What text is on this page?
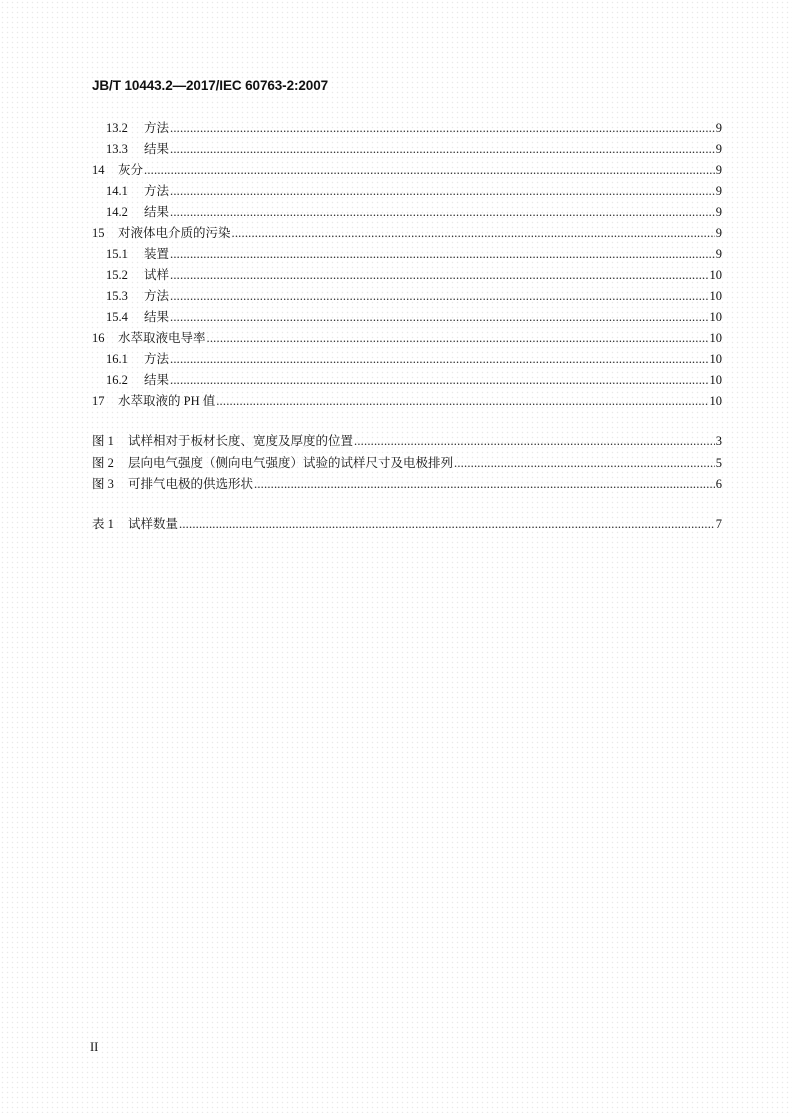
JB/T 10443.2—2017/IEC 60763-2:2007
13.2	方法 .....	9
13.3	结果 .....	9
14	灰分 .....	9
14.1	方法 .....	9
14.2	结果 .....	9
15	对液体电介质的污染 .....	9
15.1	装置 .....	9
15.2	试样 .....	10
15.3	方法 .....	10
15.4	结果 .....	10
16	水萃取液电导率 .....	10
16.1	方法 .....	10
16.2	结果 .....	10
17	水萃取液的 PH 值 .....	10
图 1	试样相对于板材长度、宽度及厚度的位置 .....	3
图 2	层向电气强度（侧向电气强度）试验的试样尺寸及电极排列 .....	5
图 3	可排气电极的供选形状 .....	6
表 1	试样数量 .....	7
II
